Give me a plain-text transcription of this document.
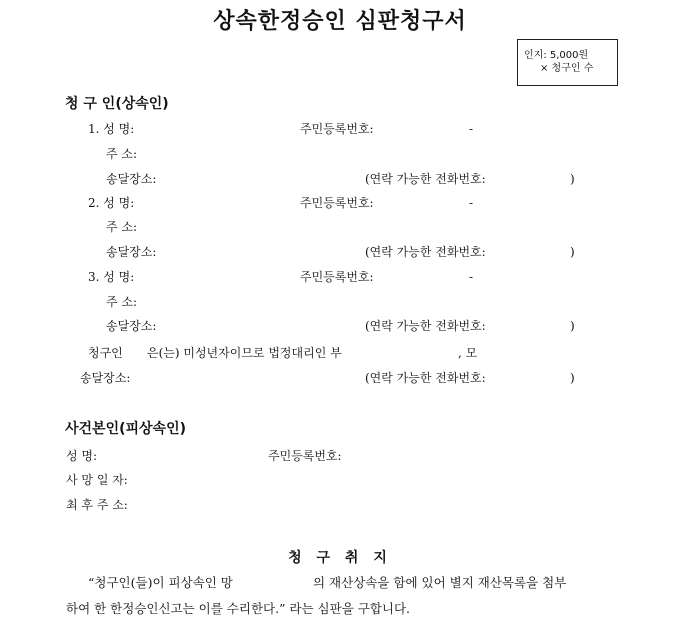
상속한정승인 심판청구서
인지: 5,000원
× 청구인 수
청 구 인(상속인)
1. 성 명:	주민등록번호:	-
주 소:
송달장소:	(연락 가능한 전화번호:	)
2. 성 명:	주민등록번호:	-
주 소:
송달장소:	(연락 가능한 전화번호:	)
3. 성 명:	주민등록번호:	-
주 소:
송달장소:	(연락 가능한 전화번호:	)
청구인 은(는) 미성년자이므로 법정대리인 부	, 모
송달장소:	(연락 가능한 전화번호:	)
사건본인(피상속인)
성 명:	주민등록번호:
사 망 일 자:
최 후 주 소:
청 구 취 지
“청구인(들)이 피상속인 망	의 재산상속을 함에 있어 별지 재산목록을 첨부
하여 한 한정승인신고는 이를 수리한다.” 라는 심판을 구합니다.
